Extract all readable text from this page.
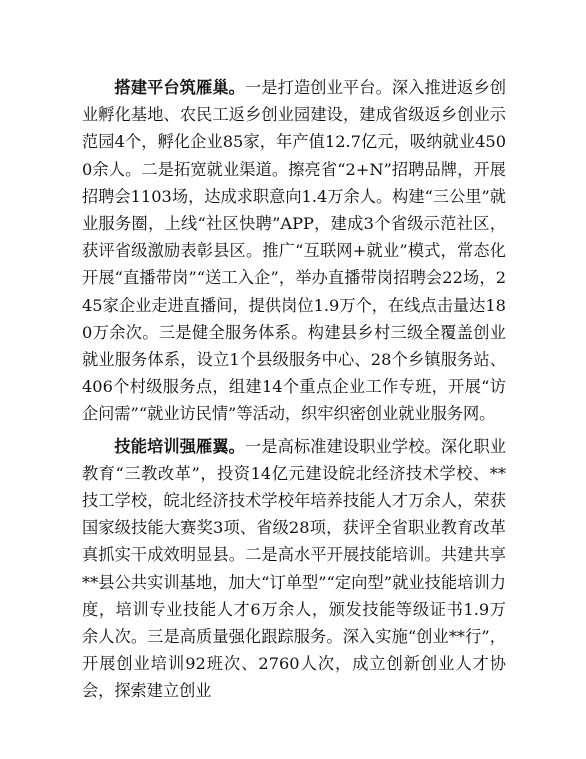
搭建平台筑雁巢。一是打造创业平台。深入推进返乡创业孵化基地、农民工返乡创业园建设，建成省级返乡创业示范园4个，孵化企业85家，年产值12.7亿元，吸纳就业4500余人。二是拓宽就业渠道。擦亮省“2+N”招聘品牌，开展招聘会1103场，达成求职意向1.4万余人。构建“三公里”就业服务圈，上线“社区快聘”APP，建成3个省级示范社区，获评省级激励表彰县区。推广“互联网+就业”模式，常态化开展“直播带岗”“送工入企”，举办直播带岗招聘会22场，245家企业走进直播间，提供岗位1.9万个，在线点击量达180万余次。三是健全服务体系。构建县乡村三级全覆盖创业就业服务体系，设立1个县级服务中心、28个乡镇服务站、406个村级服务点，组建14个重点企业工作专班，开展“访企问需”“就业访民情”等活动，织牢织密创业就业服务网。

技能培训强雁翼。一是高标准建设职业学校。深化职业教育“三教改革”，投资14亿元建设皖北经济技术学校、**技工学校，皖北经济技术学校年培养技能人才万余人，荣获国家级技能大赛奖3项、省级28项，获评全省职业教育改革真抓实干成效明显县。二是高水平开展技能培训。共建共享**县公共实训基地，加大“订单型”“定向型”就业技能培训力度，培训专业技能人才6万余人，颁发技能等级证书1.9万余人次。三是高质量强化跟踪服务。深入实施“创业**行”，开展创业培训92班次、2760人次，成立创新创业人才协会，探索建立创业
